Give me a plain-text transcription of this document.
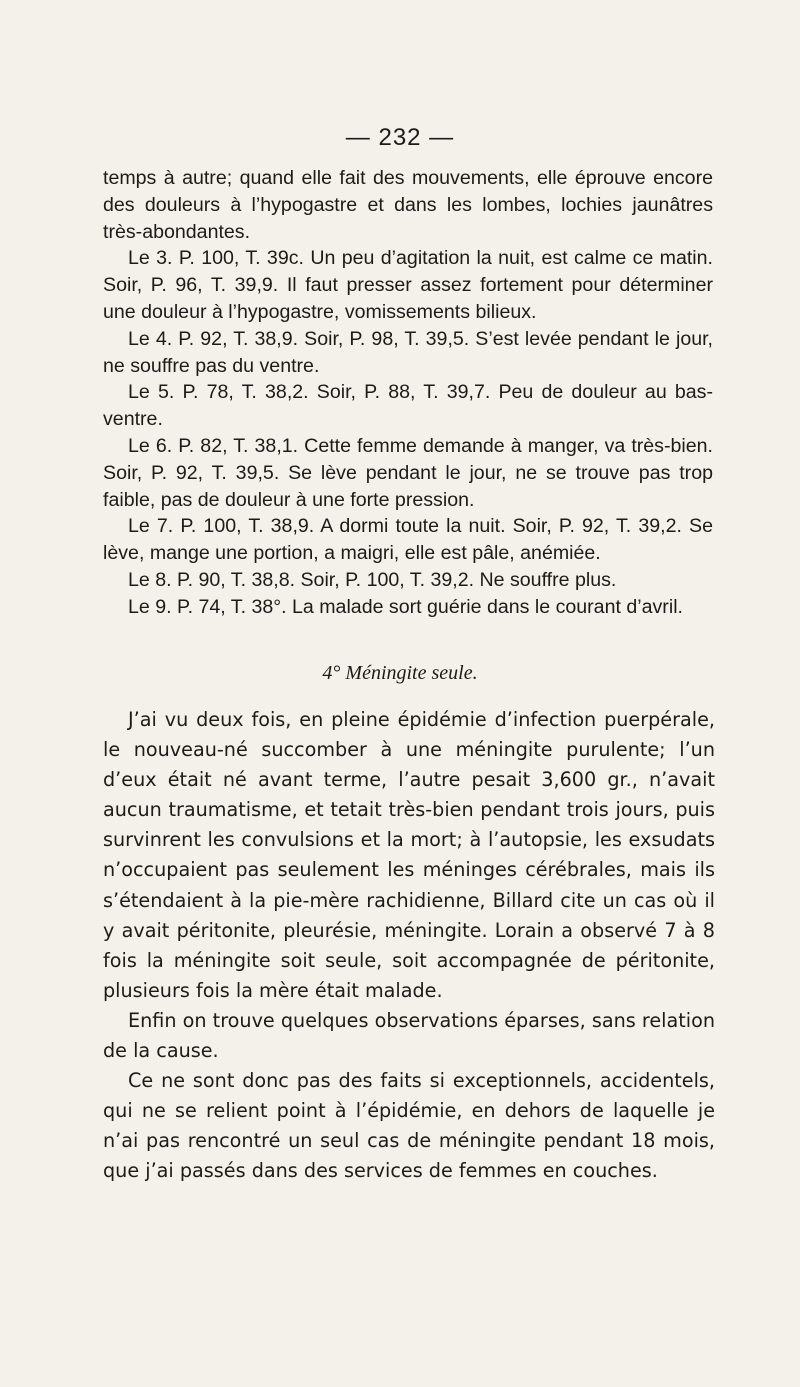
— 232 —

temps à autre; quand elle fait des mouvements, elle éprouve encore des douleurs à l’hypogastre et dans les lombes, lochies jaunâtres très-abondantes.

Le 3. P. 100, T. 39c. Un peu d’agitation la nuit, est calme ce matin. Soir, P. 96, T. 39,9. Il faut presser assez fortement pour déterminer une douleur à l’hypogastre, vomissements bilieux.

Le 4. P. 92, T. 38,9. Soir, P. 98, T. 39,5. S’est levée pendant le jour, ne souffre pas du ventre.

Le 5. P. 78, T. 38,2. Soir, P. 88, T. 39,7. Peu de douleur au bas-ventre.

Le 6. P. 82, T. 38,1. Cette femme demande à manger, va très-bien. Soir, P. 92, T. 39,5. Se lève pendant le jour, ne se trouve pas trop faible, pas de douleur à une forte pression.

Le 7. P. 100, T. 38,9. A dormi toute la nuit. Soir, P. 92, T. 39,2. Se lève, mange une portion, a maigri, elle est pâle, anémiée.

Le 8. P. 90, T. 38,8. Soir, P. 100, T. 39,2. Ne souffre plus.

Le 9. P. 74, T. 38°. La malade sort guérie dans le courant d’avril.

4° Méningite seule.

J’ai vu deux fois, en pleine épidémie d’infection puerpérale, le nouveau-né succomber à une méningite purulente; l’un d’eux était né avant terme, l’autre pesait 3,600 gr., n’avait aucun traumatisme, et tetait très-bien pendant trois jours, puis survinrent les convulsions et la mort; à l’autopsie, les exsudats n’occupaient pas seulement les méninges cérébrales, mais ils s’étendaient à la pie-mère rachidienne, Billard cite un cas où il y avait péritonite, pleurésie, méningite. Lorain a observé 7 à 8 fois la méningite soit seule, soit accompagnée de péritonite, plusieurs fois la mère était malade.

Enfin on trouve quelques observations éparses, sans relation de la cause.

Ce ne sont donc pas des faits si exceptionnels, accidentels, qui ne se relient point à l’épidémie, en dehors de laquelle je n’ai pas rencontré un seul cas de méningite pendant 18 mois, que j’ai passés dans des services de femmes en couches.
